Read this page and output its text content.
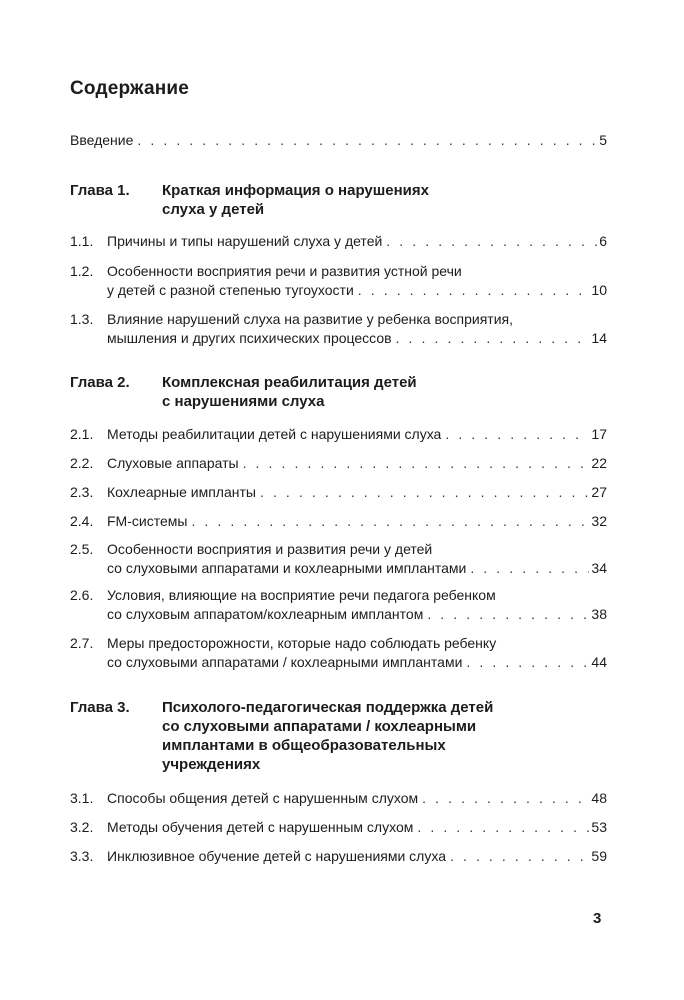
Содержание
Введение . . .	5
Глава 1. Краткая информация о нарушениях
слуха у детей
1.1. Причины и типы нарушений слуха у детей . . .	6
1.2. Особенности восприятия речи и развития устной речи
у детей с разной степенью тугоухости . . .	10
1.3. Влияние нарушений слуха на развитие у ребенка восприятия,
мышления и других психических процессов . . .	14
Глава 2. Комплексная реабилитация детей
с нарушениями слуха
2.1. Методы реабилитации детей с нарушениями слуха . . .	17
2.2. Слуховые аппараты . . .	22
2.3. Кохлеарные импланты . . .	27
2.4. FM-системы . . .	32
2.5. Особенности восприятия и развития речи у детей
со слуховыми аппаратами и кохлеарными имплантами . . .	34
2.6. Условия, влияющие на восприятие речи педагога ребенком
со слуховым аппаратом/кохлеарным имплантом . . .	38
2.7. Меры предосторожности, которые надо соблюдать ребенку
со слуховыми аппаратами / кохлеарными имплантами . . .	44
Глава 3. Психолого-педагогическая поддержка детей
со слуховыми аппаратами / кохлеарными
имплантами в общеобразовательных
учреждениях
3.1. Способы общения детей с нарушенным слухом . . .	48
3.2. Методы обучения детей с нарушенным слухом . . .	53
3.3. Инклюзивное обучение детей с нарушениями слуха . . .	59
3
